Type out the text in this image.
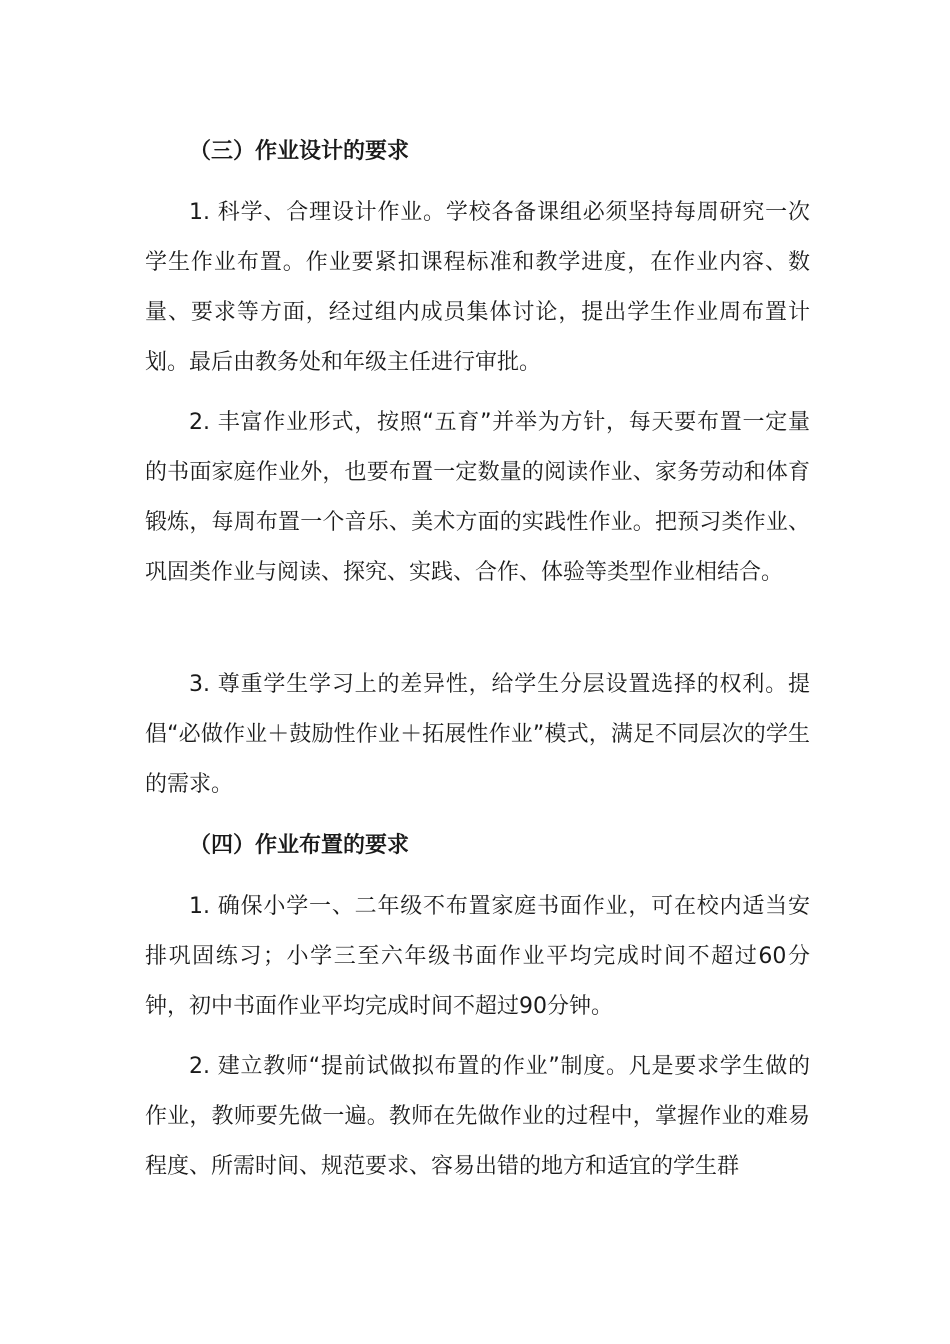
（三）作业设计的要求
1. 科学、合理设计作业。学校各备课组必须坚持每周研究一次学生作业布置。作业要紧扣课程标准和教学进度，在作业内容、数量、要求等方面，经过组内成员集体讨论，提出学生作业周布置计划。最后由教务处和年级主任进行审批。
2. 丰富作业形式，按照“五育”并举为方针，每天要布置一定量的书面家庭作业外，也要布置一定数量的阅读作业、家务劳动和体育锻炼，每周布置一个音乐、美术方面的实践性作业。把预习类作业、巩固类作业与阅读、探究、实践、合作、体验等类型作业相结合。
3. 尊重学生学习上的差异性，给学生分层设置选择的权利。提倡“必做作业＋鼓励性作业＋拓展性作业”模式，满足不同层次的学生的需求。
（四）作业布置的要求
1. 确保小学一、二年级不布置家庭书面作业，可在校内适当安排巩固练习；小学三至六年级书面作业平均完成时间不超过60分钟，初中书面作业平均完成时间不超过90分钟。
2. 建立教师“提前试做拟布置的作业”制度。凡是要求学生做的作业，教师要先做一遍。教师在先做作业的过程中，掌握作业的难易程度、所需时间、规范要求、容易出错的地方和适宜的学生群
